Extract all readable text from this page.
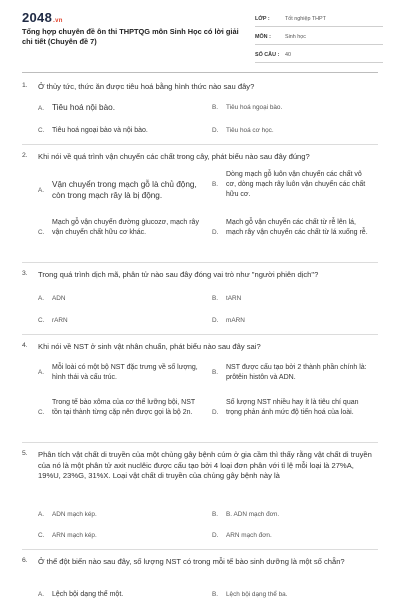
2048.vn
Tổng hợp chuyên đề ôn thi THPTQG môn Sinh Học có lời giải chi tiết (Chuyên đề 7)
LỚP :	Tốt nghiệp THPT
MÔN :	Sinh học
SỐ CÂU : 40
1. Ở thủy tức, thức ăn được tiêu hoá bằng hình thức nào sau đây?
A. Tiêu hoá nội bào.	B. Tiêu hoá ngoại bào.
C. Tiêu hoá ngoại bào và nội bào.	D. Tiêu hoá cơ học.
2. Khi nói về quá trình vận chuyển các chất trong cây, phát biểu nào sau đây đúng?
A.
Vận chuyển trong mạch gỗ là chủ động, còn trong mạch rây là bị động.
B.
Dòng mạch gỗ luôn vận chuyển các chất vô cơ, dòng mạch rây luôn vận chuyển các chất hữu cơ.
C.
Mạch gỗ vận chuyển đường glucozơ, mạch rây vận chuyển chất hữu cơ khác.	D.
Mạch gỗ vận chuyển các chất từ rễ lên lá, mạch rây vận chuyển các chất từ lá xuống rễ.
3. Trong quá trình dịch mã, phân tử nào sau đây đóng vai trò như "người phiên dịch"?
A. ADN	B. tARN
C. rARN	D. mARN
4. Khi nói về NST ở sinh vật nhân chuẩn, phát biểu nào sau đây sai?
A.
Mỗi loài có một bộ NST đặc trưng về số lượng, hình thái và cấu trúc.
B.
NST được cấu tạo bởi 2 thành phần chính là: prôtêin histôn và ADN.
C.
Trong tế bào xôma của cơ thể lưỡng bội, NST tồn tại thành từng cặp nên được gọi là bộ 2n.	D.
Số lượng NST nhiều hay ít là tiêu chí quan trọng phản ánh mức độ tiến hoá của loài.
5. Phân tích vật chất di truyền của một chủng gây bệnh cúm ở gia cầm thì thấy rằng vật chất di truyền của nó là một phân tử axit nuclêic được cấu tạo bởi 4 loại đơn phân với tỉ lệ mỗi loại là 27%A, 19%U, 23%G, 31%X. Loại vật chất di truyền của chủng gây bệnh này là
A. ADN mạch kép.	B. B. ADN mạch đơn.
C. ARN mạch kép.	D. ARN mạch đơn.
6. Ở thể đột biến nào sau đây, số lượng NST có trong mỗi tế bào sinh dưỡng là một số chẵn?
A. Lệch bội dạng thể một.	B. Lệch bội dạng thể ba.
